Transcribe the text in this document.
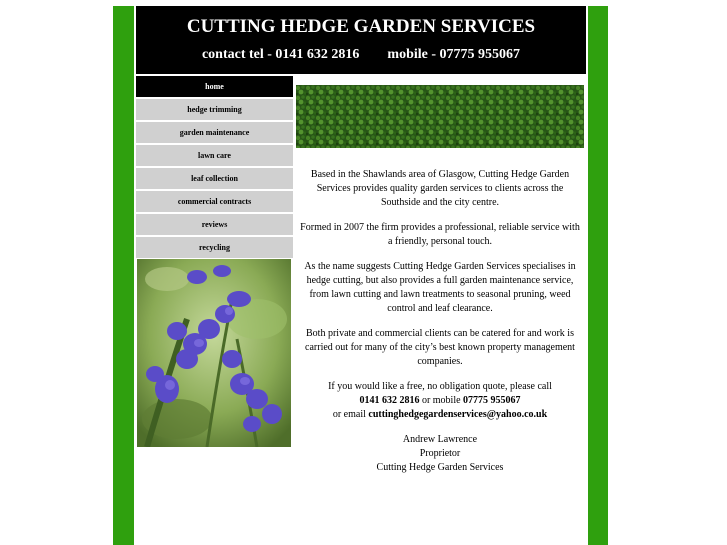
CUTTING HEDGE GARDEN SERVICES
contact tel - 0141 632 2816 mobile - 07775 955067
home
hedge trimming
garden maintenance
lawn care
leaf collection
commercial contracts
reviews
recycling

Based in the Shawlands area of Glasgow, Cutting Hedge Garden Services provides quality garden services to clients across the Southside and the city centre.

Formed in 2007 the firm provides a professional, reliable service with a friendly, personal touch.

As the name suggests Cutting Hedge Garden Services specialises in hedge cutting, but also provides a full garden maintenance service, from lawn cutting and lawn treatments to seasonal pruning, weed control and leaf clearance.

Both private and commercial clients can be catered for and work is carried out for many of the city’s best known property management companies.

If you would like a free, no obligation quote, please call
0141 632 2816 or mobile 07775 955067
or email cuttinghedgegardenservices@yahoo.co.uk

Andrew Lawrence
Proprietor
Cutting Hedge Garden Services
